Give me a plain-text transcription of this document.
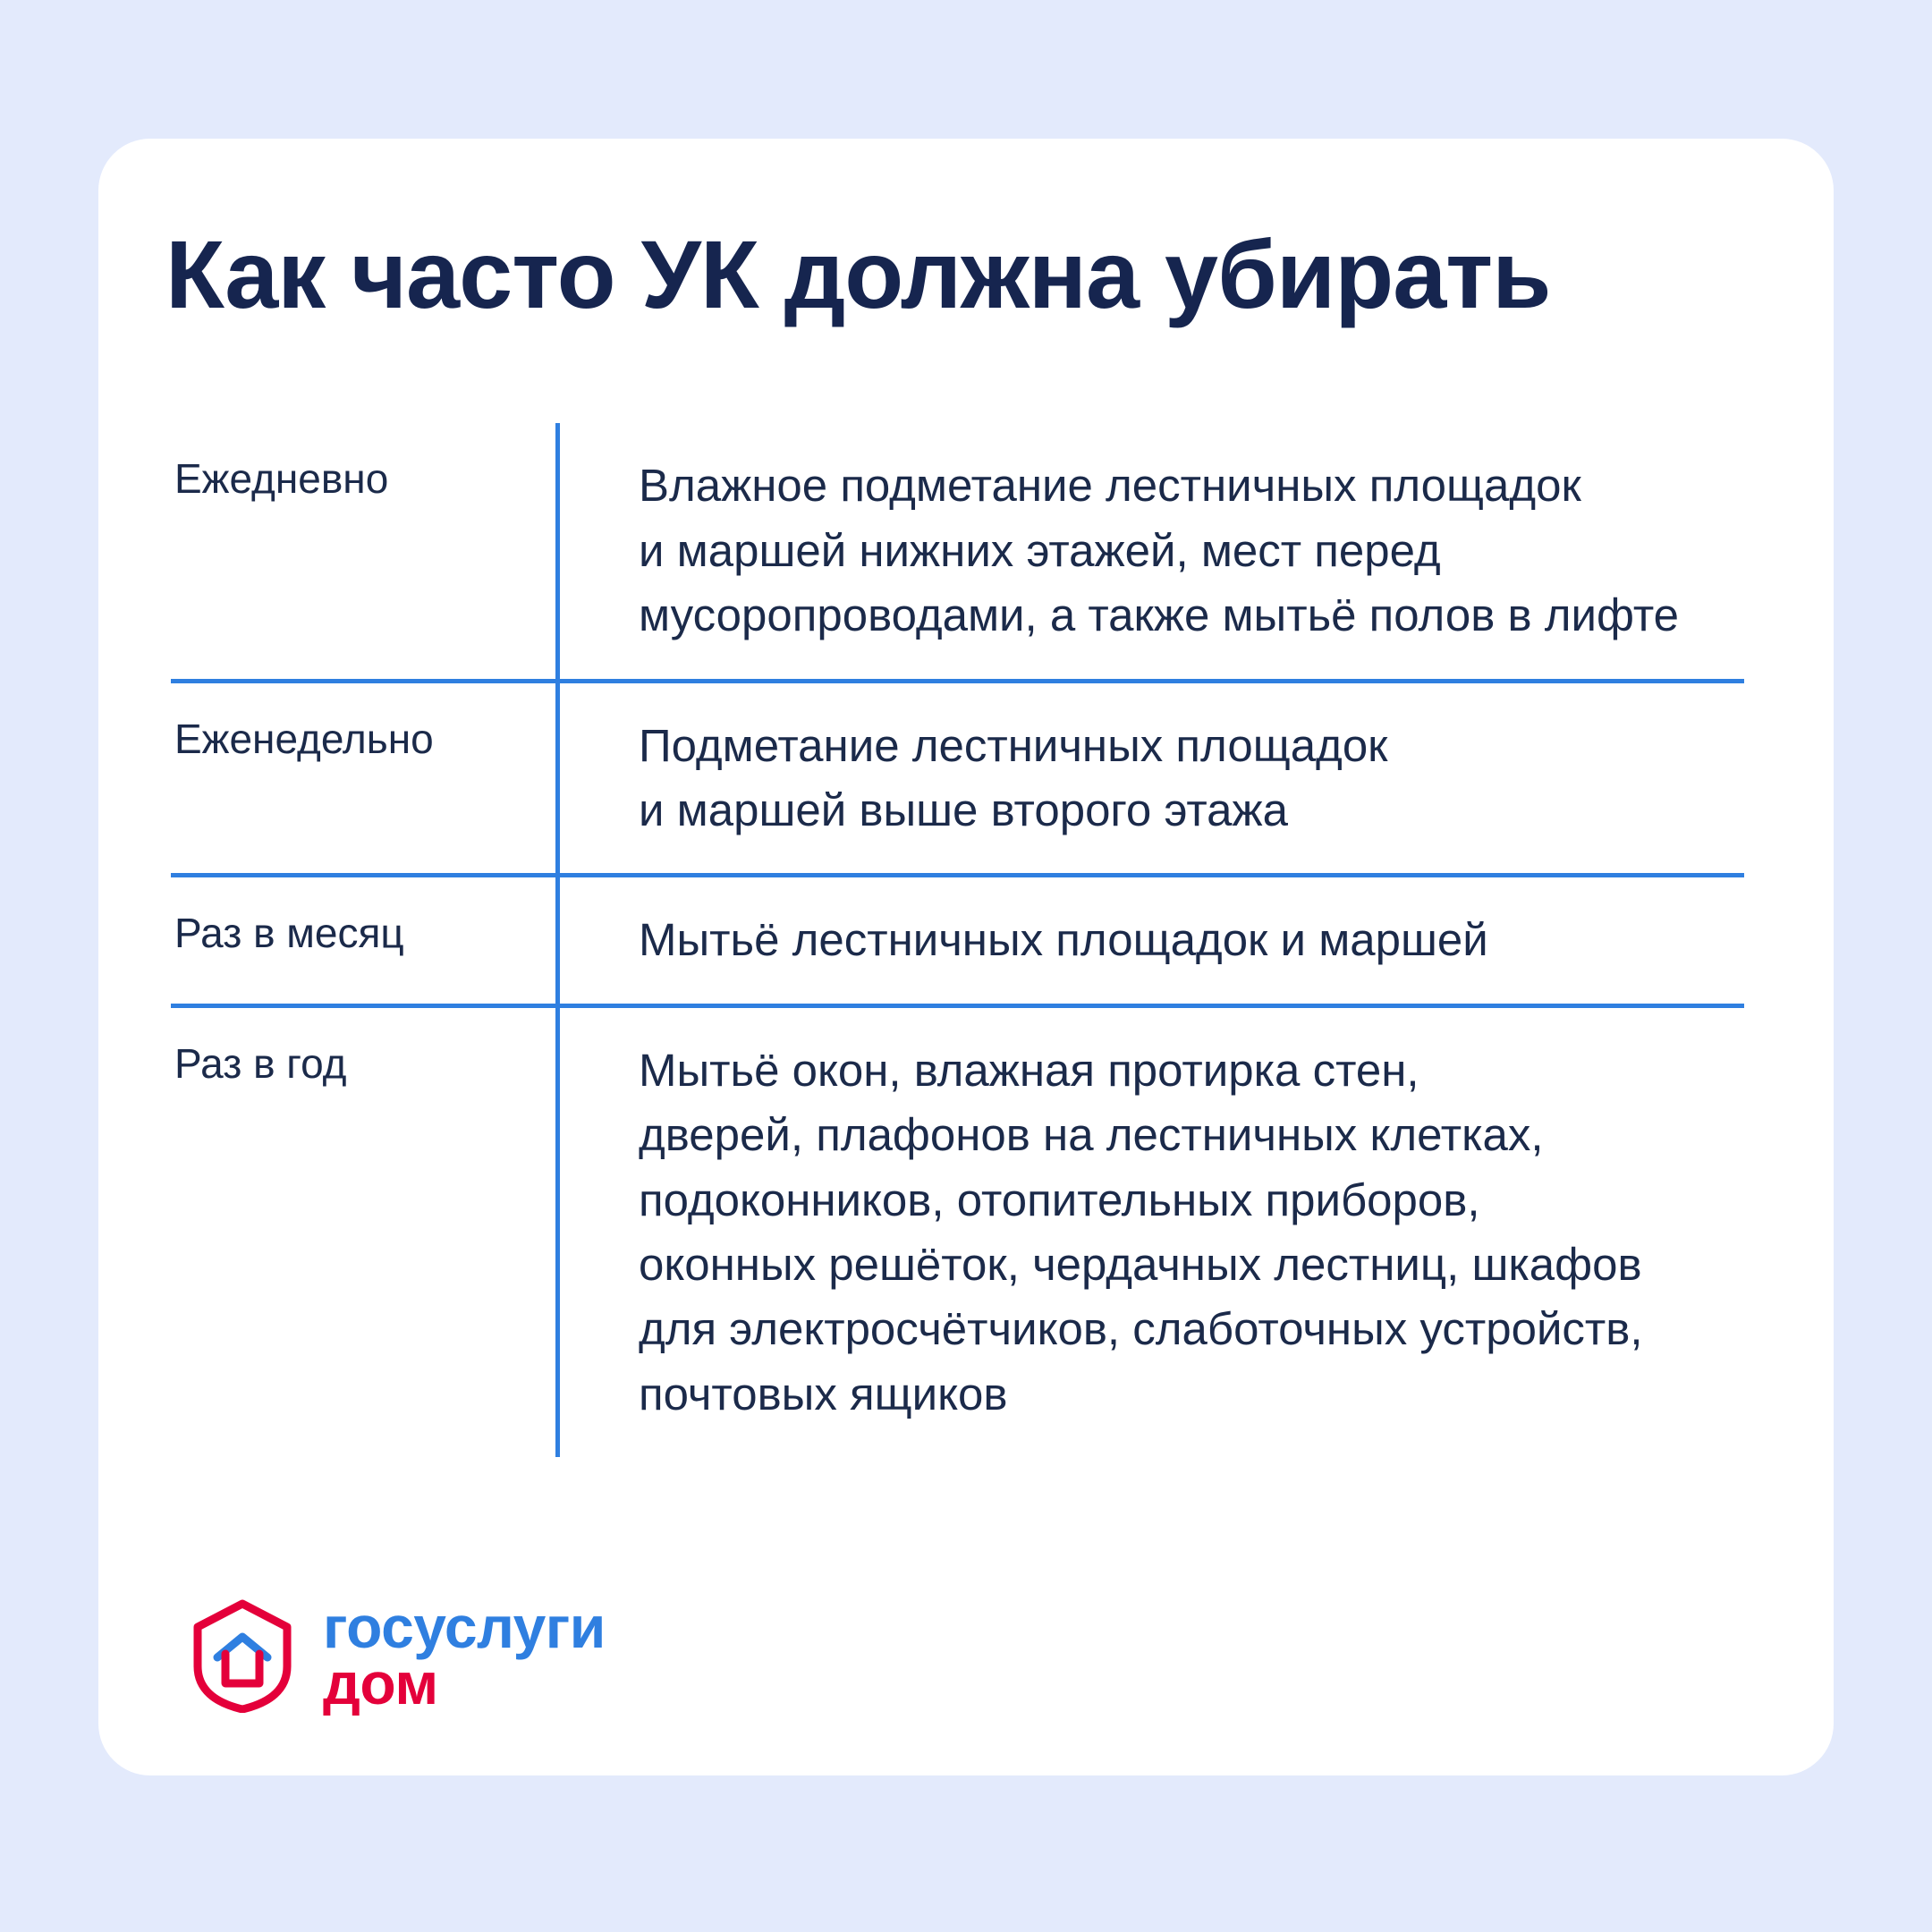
Как часто УК должна убирать
Ежедневно	Влажное подметание лестничных площадок
и маршей нижних этажей, мест перед
мусоропроводами, а также мытьё полов в лифте
Еженедельно	Подметание лестничных площадок
и маршей выше второго этажа
Раз в месяц	Мытьё лестничных площадок и маршей
Раз в год	Мытьё окон, влажная протирка стен,
дверей, плафонов на лестничных клетках,
подоконников, отопительных приборов,
оконных решёток, чердачных лестниц, шкафов
для электросчётчиков, слаботочных устройств,
почтовых ящиков
госуслуги
дом
